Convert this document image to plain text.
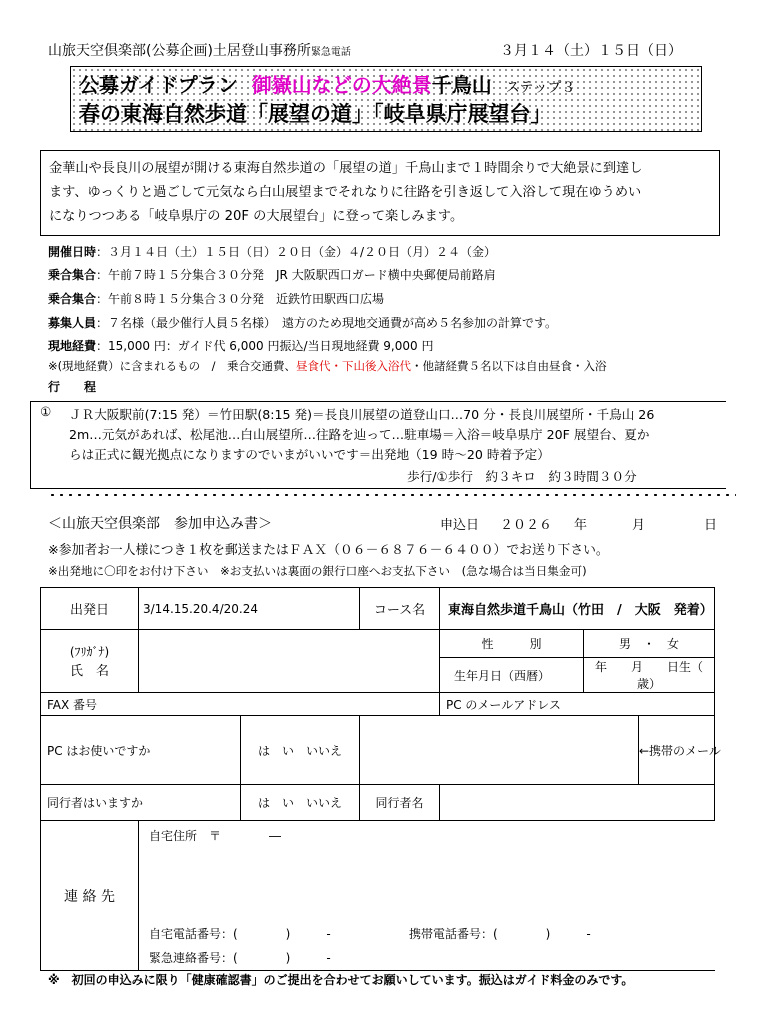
山旅天空倶楽部(公募企画)土居登山事務所緊急電話	３月１４（土）１５日（日）
公募ガイドプラン 御嶽山などの大絶景千鳥山 ステップ３
春の東海自然歩道「展望の道」「岐阜県庁展望台」
金華山や長良川の展望が開ける東海自然歩道の「展望の道」千鳥山まで１時間余りで大絶景に到達し
ます、ゆっくりと過ごして元気なら白山展望までそれなりに往路を引き返して入浴して現在ゆうめい
になりつつある「岐阜県庁の 20F の大展望台」に登って楽しみます。
開催日時：３月１４日（土）１５日（日）２０日（金）４/２０日（月）２４（金）
乗合集合：午前７時１５分集合３０分発　JR 大阪駅西口ガード横中央郵便局前路肩
乗合集合：午前８時１５分集合３０分発　近鉄竹田駅西口広場
募集人員：７名様（最少催行人員５名様）　遠方のため現地交通費が高め５名参加の計算です。
現地経費：15,000 円：ガイド代 6,000 円振込/当日現地経費 9,000 円
※(現地経費）に含まれるもの　/　乗合交通費、昼食代・下山後入浴代・他諸経費５名以下は自由昼食・入浴
行　　程
① ＪＲ大阪駅前(7:15 発）＝竹田駅(8:15 発)＝長良川展望の道登山口…70 分・長良川展望所・千鳥山 26
2m…元気があれば、松尾池…白山展望所…往路を辿って…駐車場＝入浴＝岐阜県庁 20F 展望台、夏か
らは正式に観光拠点になりますのでいまがいいです＝出発地（19 時～20 時着予定）
歩行/①歩行　約３キロ　約３時間３０分
＜山旅天空倶楽部　参加申込み書＞	申込日 ２０２６ 年	月	日
※参加者お一人様につき１枚を郵送またはＦＡＸ（０６－６８７６－６４００）でお送り下さい。
※出発地に〇印をお付け下さい　※お支払いは裏面の銀行口座へお支払下さい　(急な場合は当日集金可)
出発日	3/14.15.20.4/20.24		コース名	東海自然歩道千鳥山（竹田　/　大阪　発着）		

(ﾌﾘｶﾞﾅ)
氏　名				性　　　別	男　・　女	
				生年月日（西暦）	年　　月　　日生（　　歳）	
FAX 番号				PC のメールアドレス		
PC はお使いですか		は　い　いいえ				←携帯のメール
同行者はいますか		は　い　いいえ	同行者名			
連 絡 先	自宅住所　〒　　　　―
自宅電話番号：(　　　　)　　　- 携帯電話番号：(　　　　)　　　-
緊急連絡番号：(　　　　)　　　-					
※　初回の申込みに限り「健康確認書」のご提出を合わせてお願いしています。振込はガイド料金のみです。
